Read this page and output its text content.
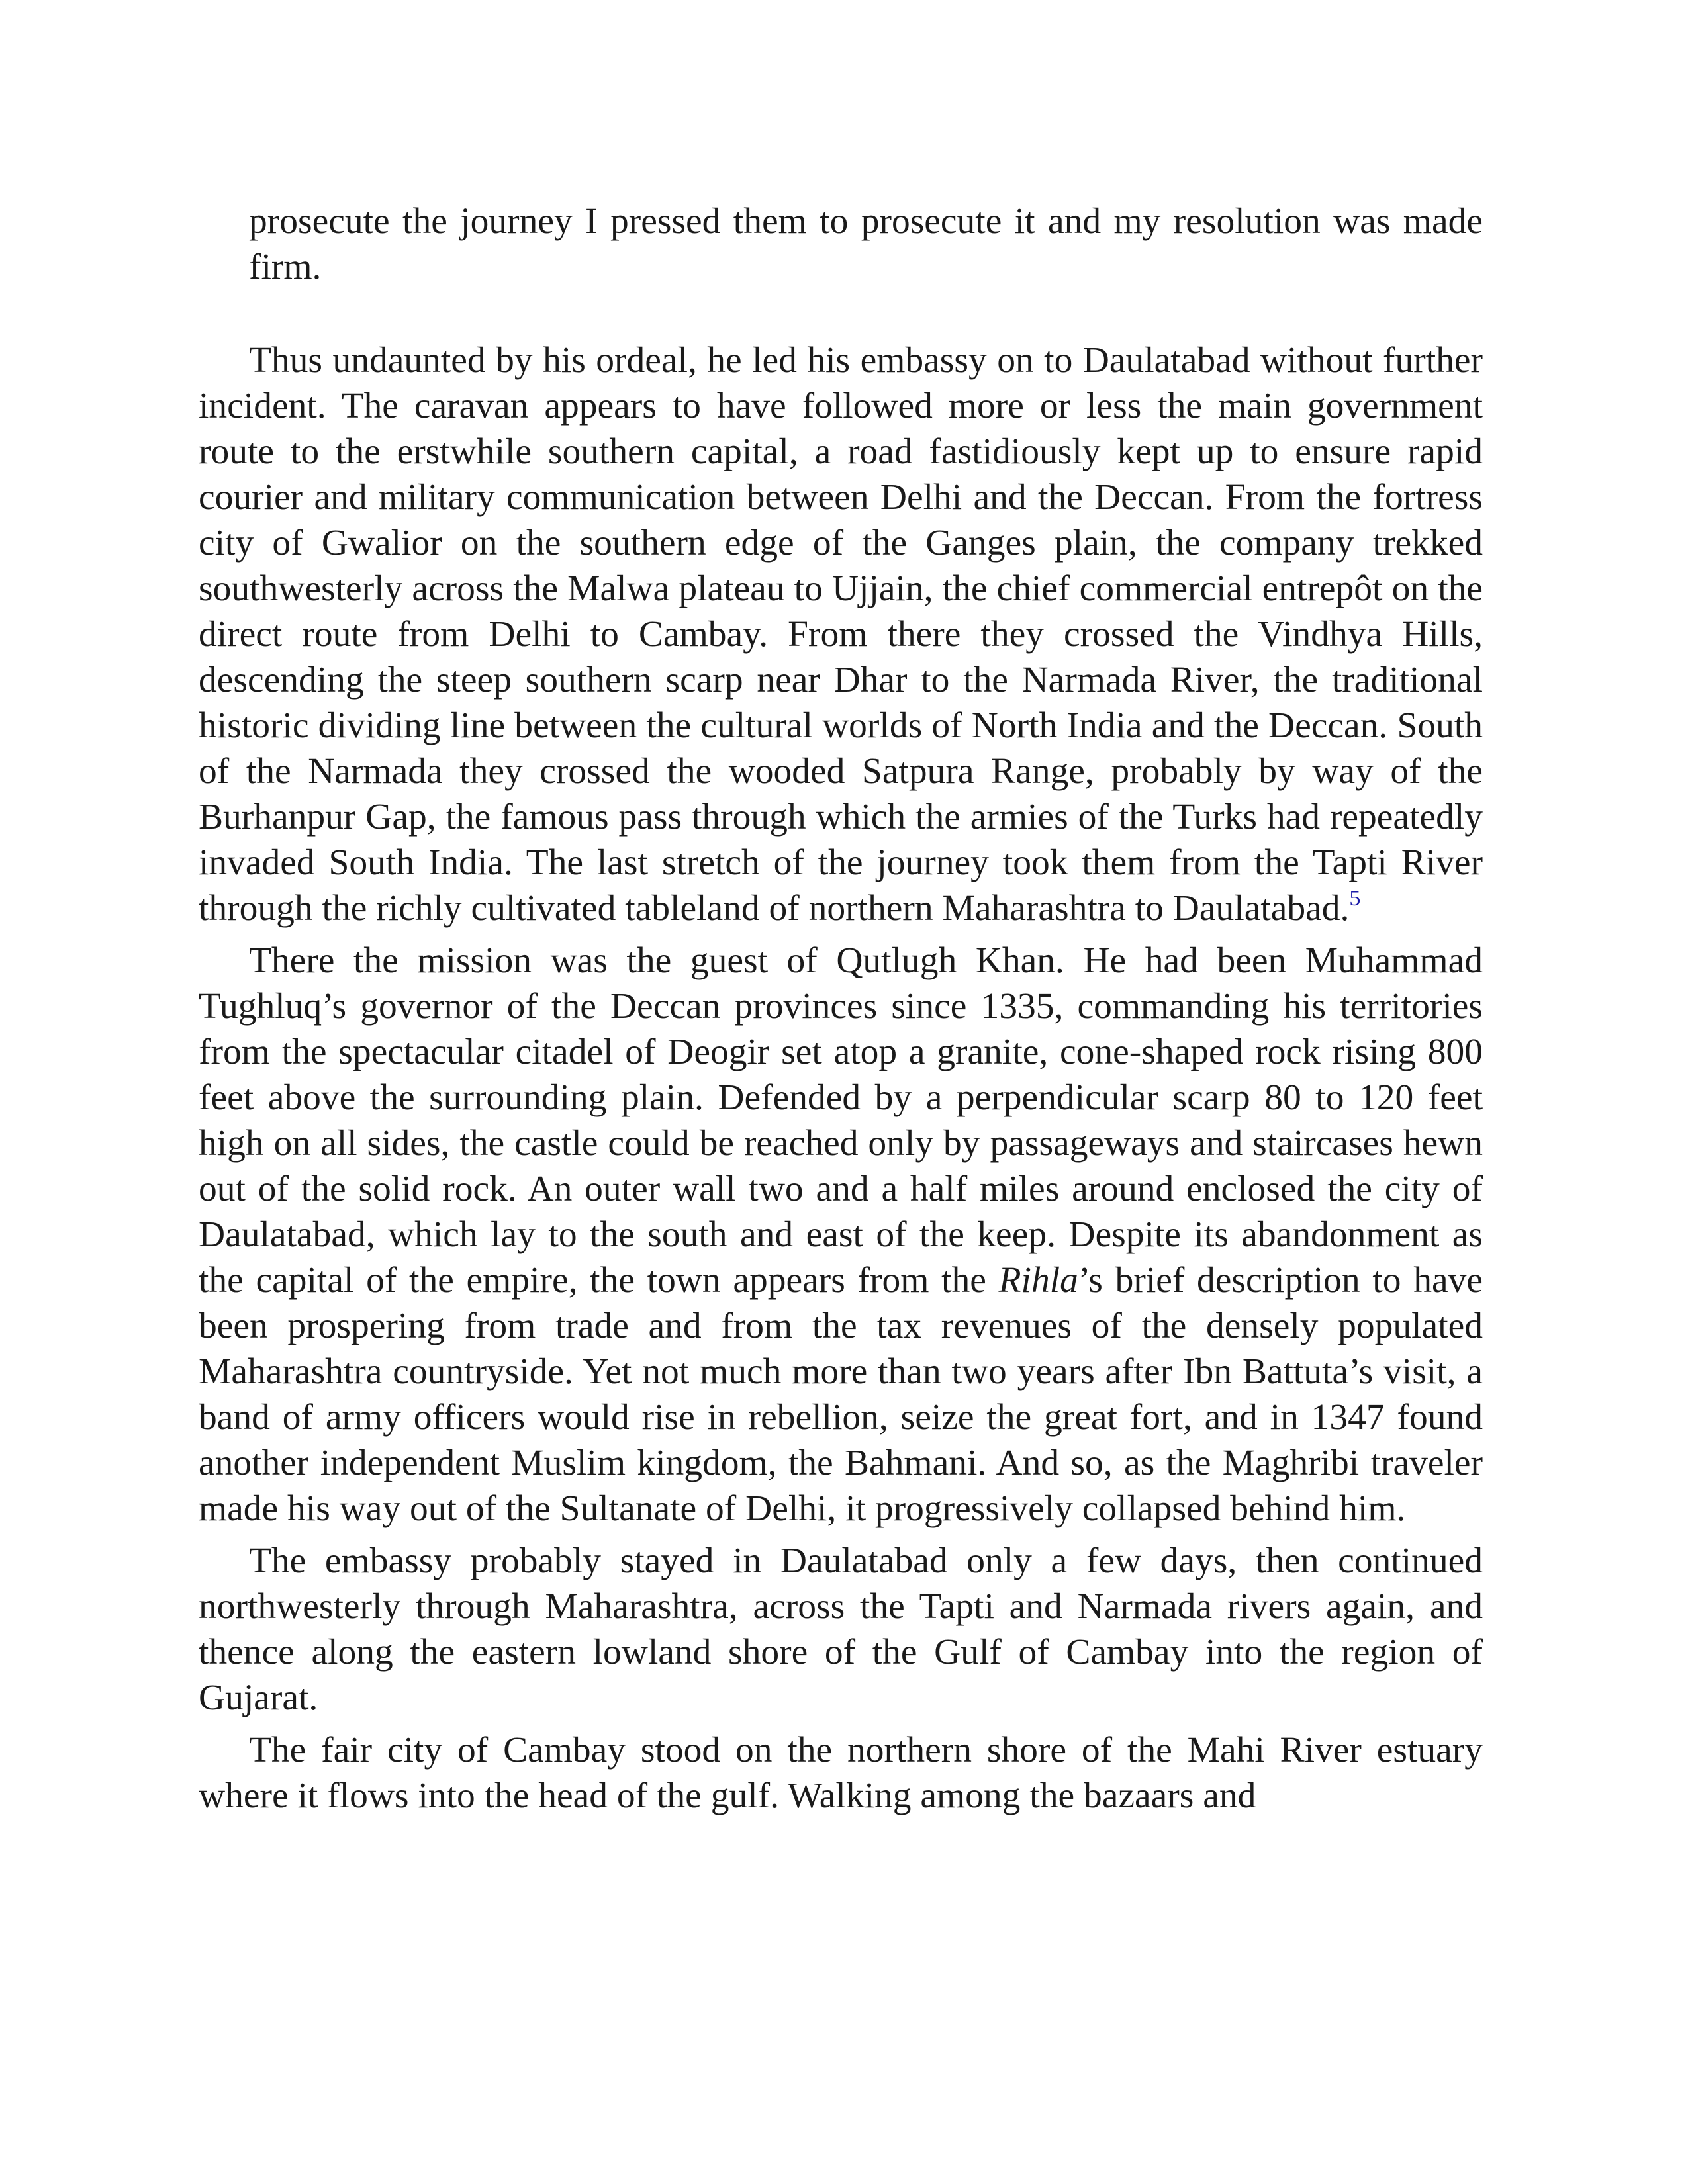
prosecute the journey I pressed them to prosecute it and my resolution was made firm.

Thus undaunted by his ordeal, he led his embassy on to Daulatabad without further incident. The caravan appears to have followed more or less the main government route to the erstwhile southern capital, a road fastidiously kept up to ensure rapid courier and military communication between Delhi and the Deccan. From the fortress city of Gwalior on the southern edge of the Ganges plain, the company trekked southwesterly across the Malwa plateau to Ujjain, the chief commercial entrepôt on the direct route from Delhi to Cambay. From there they crossed the Vindhya Hills, descending the steep southern scarp near Dhar to the Narmada River, the traditional historic dividing line between the cultural worlds of North India and the Deccan. South of the Narmada they crossed the wooded Satpura Range, probably by way of the Burhanpur Gap, the famous pass through which the armies of the Turks had repeatedly invaded South India. The last stretch of the journey took them from the Tapti River through the richly cultivated tableland of northern Maharashtra to Daulatabad.$^5$

There the mission was the guest of Qutlugh Khan. He had been Muhammad Tughluq’s governor of the Deccan provinces since 1335, commanding his territories from the spectacular citadel of Deogir set atop a granite, cone-shaped rock rising 800 feet above the surrounding plain. Defended by a perpendicular scarp 80 to 120 feet high on all sides, the castle could be reached only by passageways and staircases hewn out of the solid rock. An outer wall two and a half miles around enclosed the city of Daulatabad, which lay to the south and east of the keep. Despite its abandonment as the capital of the empire, the town appears from the Rihla’s brief description to have been prospering from trade and from the tax revenues of the densely populated Maharashtra countryside. Yet not much more than two years after Ibn Battuta’s visit, a band of army officers would rise in rebellion, seize the great fort, and in 1347 found another independent Muslim kingdom, the Bahmani. And so, as the Maghribi traveler made his way out of the Sultanate of Delhi, it progressively collapsed behind him.

The embassy probably stayed in Daulatabad only a few days, then continued northwesterly through Maharashtra, across the Tapti and Narmada rivers again, and thence along the eastern lowland shore of the Gulf of Cambay into the region of Gujarat.

The fair city of Cambay stood on the northern shore of the Mahi River estuary where it flows into the head of the gulf. Walking among the bazaars and
